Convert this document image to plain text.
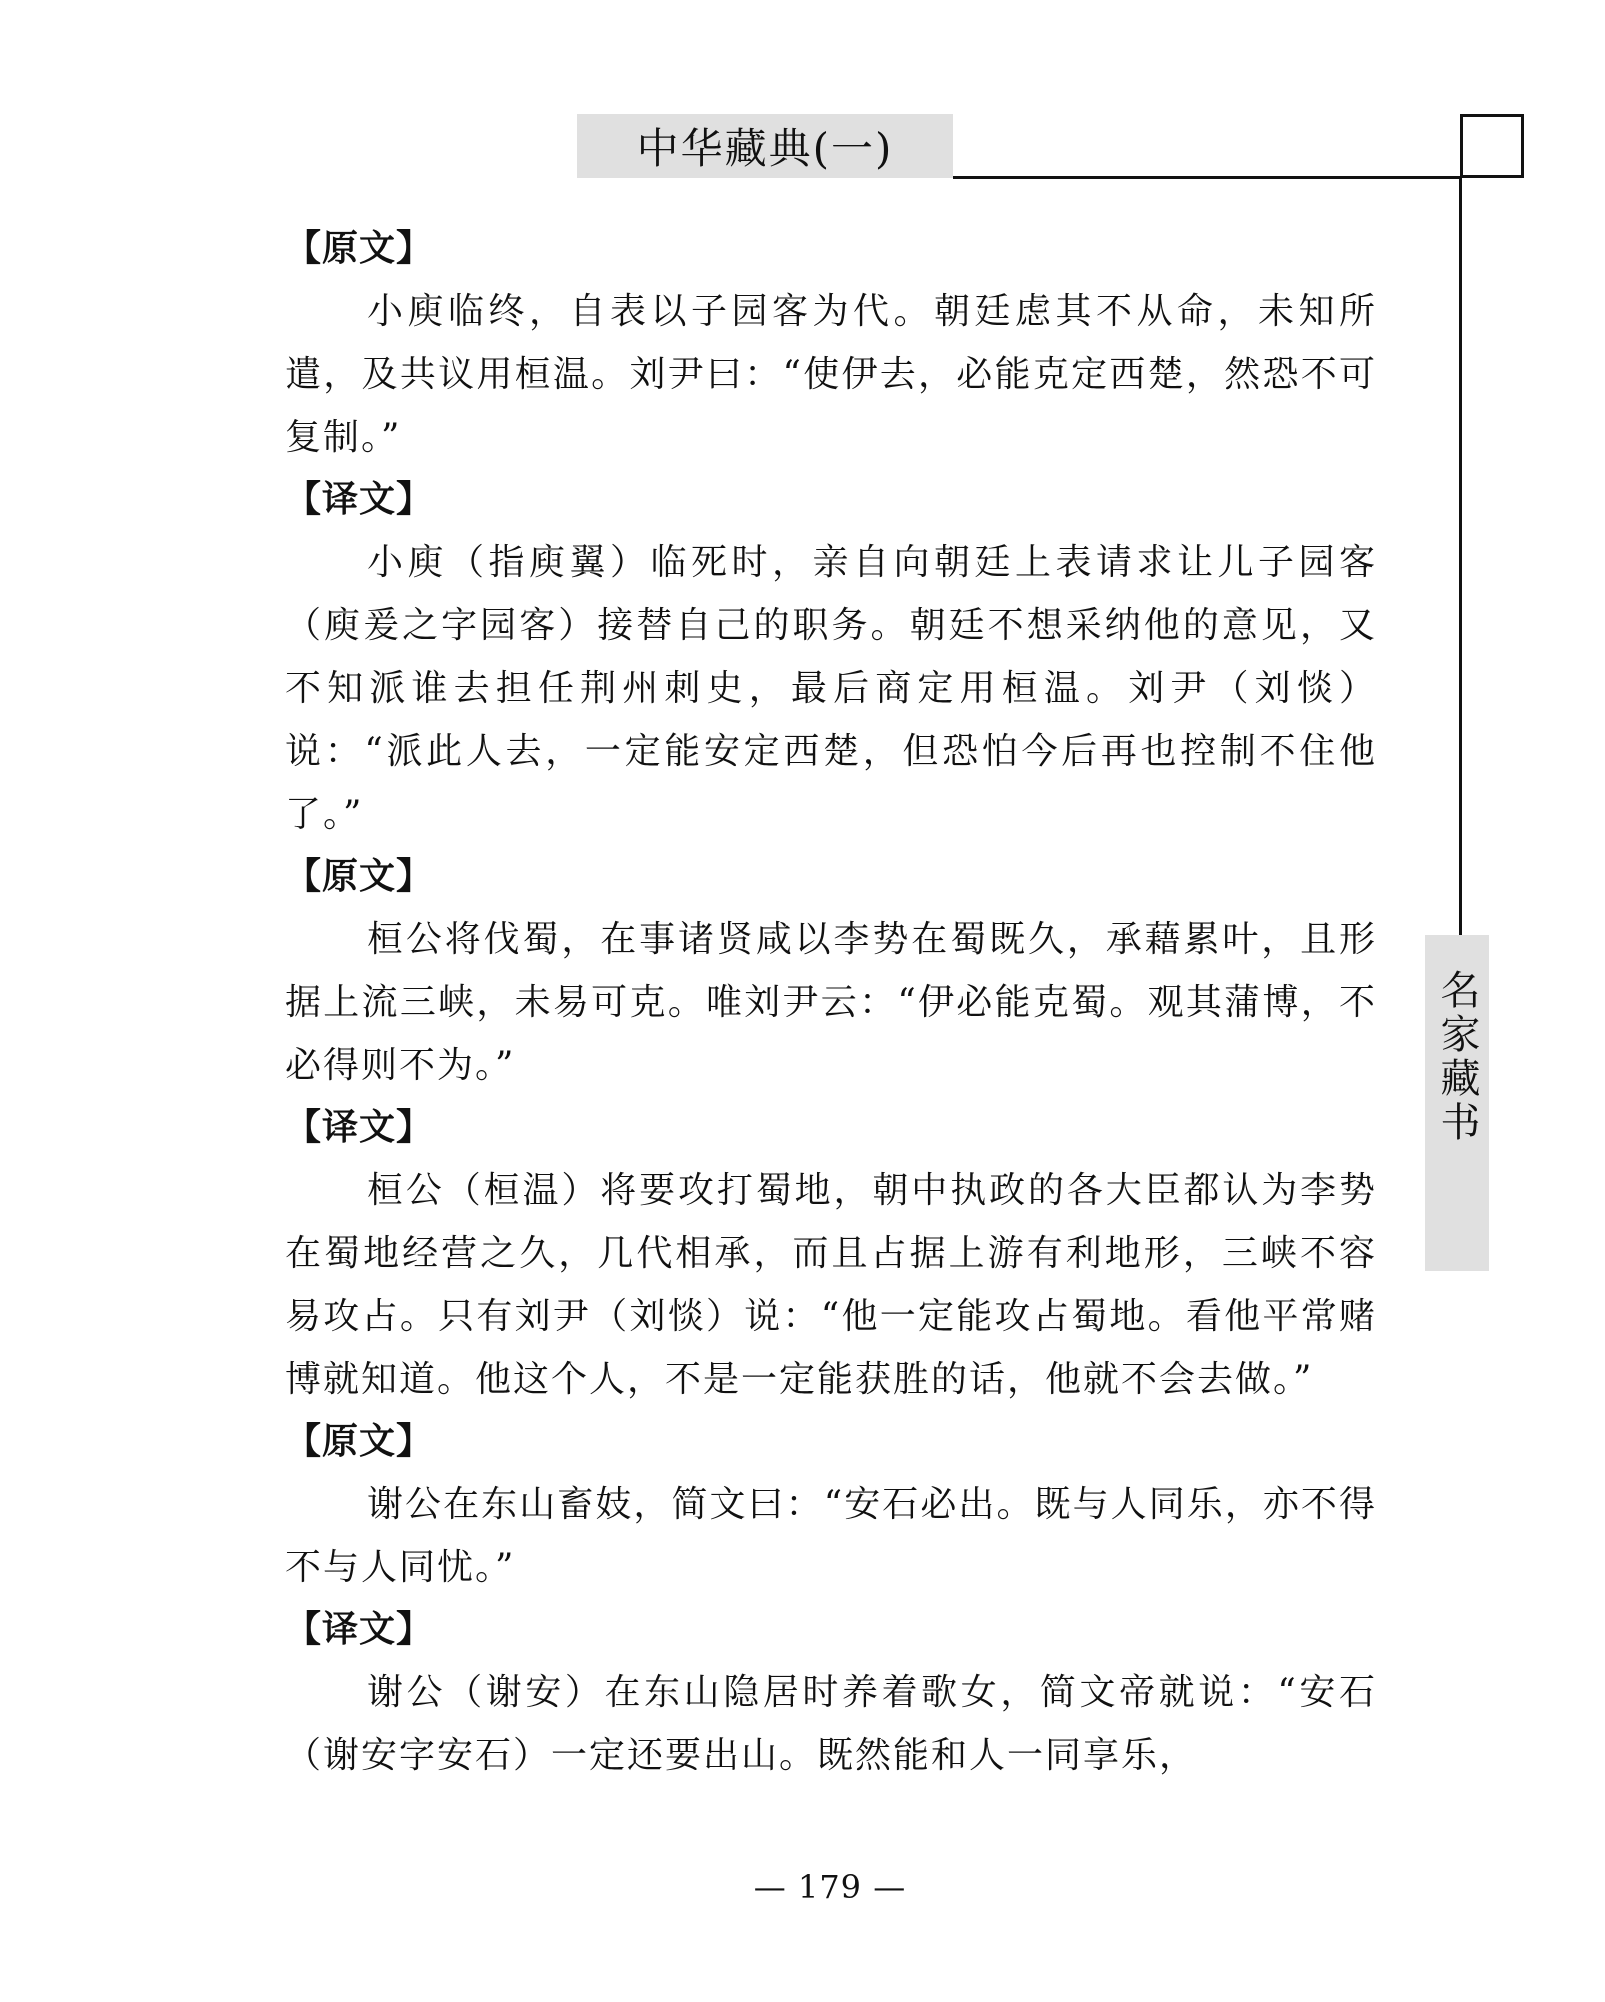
中华藏典(一)
名家藏书
【原文】

小庾临终，自表以子园客为代。朝廷虑其不从命，未知所遣，及共议用桓温。刘尹曰：“使伊去，必能克定西楚，然恐不可复制。”

【译文】

小庾（指庾翼）临死时，亲自向朝廷上表请求让儿子园客（庾爰之字园客）接替自己的职务。朝廷不想采纳他的意见，又不知派谁去担任荆州刺史，最后商定用桓温。刘尹（刘惔）说：“派此人去，一定能安定西楚，但恐怕今后再也控制不住他了。”

【原文】

桓公将伐蜀，在事诸贤咸以李势在蜀既久，承藉累叶，且形据上流三峡，未易可克。唯刘尹云：“伊必能克蜀。观其蒲博，不必得则不为。”

【译文】

桓公（桓温）将要攻打蜀地，朝中执政的各大臣都认为李势在蜀地经营之久，几代相承，而且占据上游有利地形，三峡不容易攻占。只有刘尹（刘惔）说：“他一定能攻占蜀地。看他平常赌博就知道。他这个人，不是一定能获胜的话，他就不会去做。”

【原文】

谢公在东山畜妓，简文曰：“安石必出。既与人同乐，亦不得不与人同忧。”

【译文】

谢公（谢安）在东山隐居时养着歌女，简文帝就说：“安石（谢安字安石）一定还要出山。既然能和人一同享乐，

— 179 —
